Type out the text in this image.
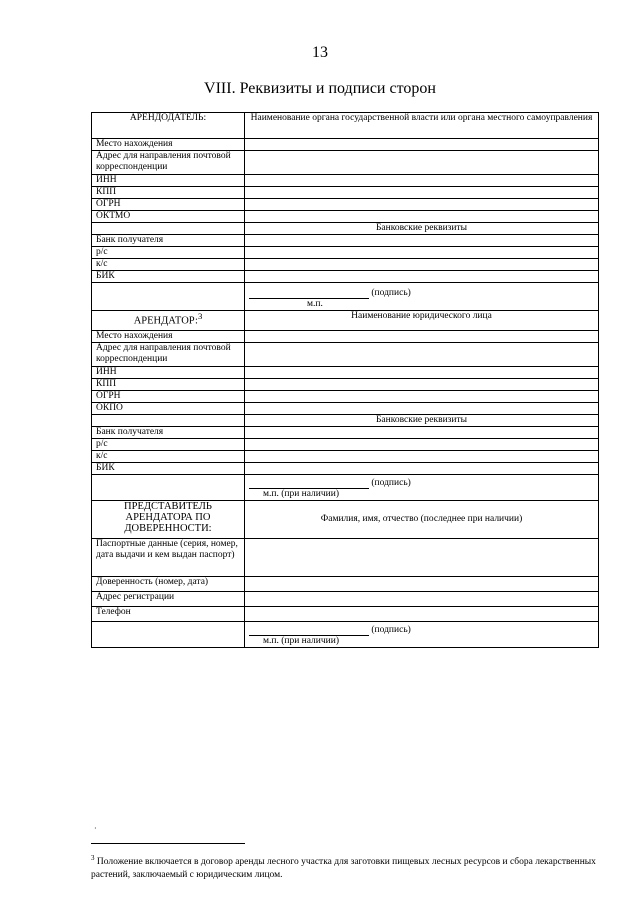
13
VIII. Реквизиты и подписи сторон
АРЕНДОДАТЕЛЬ:	Наименование органа государственной власти или органа местного самоуправления
Место нахождения	
Адрес для направления почтовой корреспонденции	
ИНН	
КПП	
ОГРН	
ОКТМО	
	Банковские реквизиты
Банк получателя	
р/с	
к/с	
БИК	

	(подпись)
м.п.

АРЕНДАТОР:$^3$	Наименование юридического лица
Место нахождения	
Адрес для направления почтовой корреспонденции	
ИНН	
КПП	
ОГРН	
ОКПО	
	Банковские реквизиты
Банк получателя	
р/с	
к/с	
БИК	

	(подпись)
м.п. (при наличии)

ПРЕДСТАВИТЕЛЬ АРЕНДАТОРА ПО ДОВЕРЕННОСТИ:	Фамилия, имя, отчество (последнее при наличии)
Паспортные данные (серия, номер, дата выдачи и кем выдан паспорт)	
Доверенность (номер, дата)	
Адрес регистрации	
Телефон	

	(подпись)
м.п. (при наличии)
·
$^3$ Положение включается в договор аренды лесного участка для заготовки пищевых лесных ресурсов и сбора лекарственных растений, заключаемый с юридическим лицом.
